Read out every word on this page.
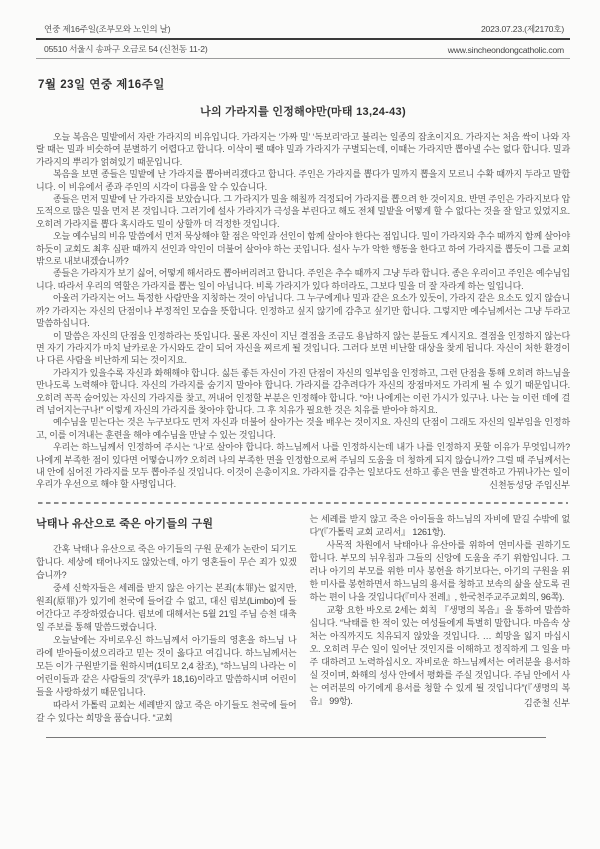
연중 제16주일(조부모와 노인의 날)	2023.07.23.(제2170호)
05510 서울시 송파구 오금로 54 (신천동 11-2)	www.sincheondongcatholic.com
7월 23일 연중 제16주일
나의 가라지를 인정해야만(마태 13,24-43)

오늘 복음은 밀밭에서 자란 가라지의 비유입니다. 가라지는 ‘가짜 밀’ ‘독보리’라고 불리는 일종의 잡초이지요. 가라지는 처음 싹이 나와 자랄 때는 밀과 비슷하여 분별하기 어렵다고 합니다. 이삭이 팰 때야 밀과 가라지가 구별되는데, 이때는 가라지만 뽑아낼 수는 없다 합니다. 밀과 가라지의 뿌리가 얽혀있기 때문입니다.

복음을 보면 종들은 밀밭에 난 가라지를 뽑아버리겠다고 합니다. 주인은 가라지를 뽑다가 밀까지 뽑을지 모르니 수확 때까지 두라고 말합니다. 이 비유에서 종과 주인의 시각이 다름을 알 수 있습니다.

종들은 먼저 밀밭에 난 가라지를 보았습니다. 그 가라지가 밀을 해칠까 걱정되어 가라지를 뽑으려 한 것이지요. 반면 주인은 가라지보다 압도적으로 많은 밀을 먼저 본 것입니다. 그러기에 설사 가라지가 극성을 부린다고 해도 전체 밀밭을 어떻게 할 수 없다는 것을 잘 알고 있었지요. 오히려 가라지를 뽑다 혹시라도 밀이 상할까 더 걱정한 것입니다.

오늘 예수님의 비유 말씀에서 먼저 묵상해야 할 점은 악인과 선인이 함께 살아야 한다는 점입니다. 밀이 가라지와 추수 때까지 함께 살아야 하듯이 교회도 최후 심판 때까지 선인과 악인이 더불어 살아야 하는 곳입니다. 설사 누가 악한 행동을 한다고 하여 가라지를 뽑듯이 그를 교회 밖으로 내보내겠습니까?

종들은 가라지가 보기 싫어, 어떻게 해서라도 뽑아버리려고 합니다. 주인은 추수 때까지 그냥 두라 합니다. 종은 우리이고 주인은 예수님입니다. 따라서 우리의 역할은 가라지를 뽑는 일이 아닙니다. 비록 가라지가 있다 하더라도, 그보다 밀을 더 잘 자라게 하는 일입니다.

아울러 가라지는 어느 특정한 사람만을 지칭하는 것이 아닙니다. 그 누구에게나 밀과 같은 요소가 있듯이, 가라지 같은 요소도 있지 않습니까? 가라지는 자신의 단점이나 부정적인 모습을 뜻합니다. 인정하고 싶지 않기에 감추고 싶기만 합니다. 그렇지만 예수님께서는 그냥 두라고 말씀하십니다.

이 말씀은 자신의 단점을 인정하라는 뜻입니다. 물론 자신이 지닌 결점을 조금도 용납하지 않는 분들도 계시지요. 결점을 인정하지 않는다면 자기 가라지가 마치 날카로운 가시와도 같이 되어 자신을 찌르게 될 것입니다. 그러다 보면 비난할 대상을 찾게 됩니다. 자신이 처한 환경이나 다른 사람을 비난하게 되는 것이지요.

가라지가 있을수록 자신과 화해해야 합니다. 싫든 좋든 자신이 가진 단점이 자신의 일부임을 인정하고, 그런 단점을 통해 오히려 하느님을 만나도록 노력해야 합니다. 자신의 가라지를 숨기지 말아야 합니다. 가라지를 감추려다가 자신의 장점마저도 가리게 될 수 있기 때문입니다. 오히려 꼭꼭 숨어있는 자신의 가라지를 찾고, 꺼내어 인정할 부분은 인정해야 합니다. “아! 나에게는 이런 가시가 있구나. 나는 늘 이런 데에 걸려 넘어지는구나!” 이렇게 자신의 가라지를 찾아야 합니다. 그 후 치유가 필요한 것은 치유를 받아야 하지요.

예수님을 믿는다는 것은 누구보다도 먼저 자신과 더불어 살아가는 것을 배우는 것이지요. 자신의 단점이 그래도 자신의 일부임을 인정하고, 이를 이겨내는 훈련을 해야 예수님을 만날 수 있는 것입니다.

우리는 하느님께서 인정하여 주시는 ‘나’로 살아야 합니다. 하느님께서 나를 인정하시는데 내가 나를 인정하지 못할 이유가 무엇입니까? 나에게 부족한 점이 있다면 어떻습니까? 오히려 나의 부족한 면을 인정함으로써 주님의 도움을 더 청하게 되지 않습니까? 그럴 때 주님께서는 내 안에 심어진 가라지를 모두 뽑아주실 것입니다. 이것이 은총이지요. 가라지를 감추는 일보다도 선하고 좋은 면을 발견하고 가꿔나가는 일이 우리가 우선으로 해야 할 사명입니다.	신천동성당 주임신부
낙태나 유산으로 죽은 아기들의 구원

간혹 낙태나 유산으로 죽은 아기들의 구원 문제가 논란이 되기도 합니다. 세상에 태어나지도 않았는데, 아기 영혼들이 무슨 죄가 있겠습니까?

중세 신학자들은 세례를 받지 않은 아기는 본죄(本罪)는 없지만, 원죄(原罪)가 있기에 천국에 들어갈 수 없고, 대신 림보(Limbo)에 들어간다고 주장하였습니다. 림보에 대해서는 5월 21일 주님 승천 대축일 주보를 통해 말씀드렸습니다.

오늘날에는 자비로우신 하느님께서 아기들의 영혼을 하느님 나라에 받아들이셨으리라고 믿는 것이 옳다고 여깁니다. 하느님께서는 모든 이가 구원받기를 원하시며(1티모 2,4 참조), “하느님의 나라는 이 어린이들과 같은 사람들의 것”(루카 18,16)이라고 말씀하시며 어린이들을 사랑하셨기 때문입니다.

따라서 가톨릭 교회는 세례받지 않고 죽은 아기들도 천국에 들어갈 수 있다는 희망을 품습니다. “교회

는 세례를 받지 않고 죽은 아이들을 하느님의 자비에 맡길 수밖에 없다”(『가톨릭 교회 교리서』 1261항).

사목적 차원에서 낙태아나 유산아를 위하여 연미사를 권하기도 합니다. 부모의 뉘우침과 그들의 신앙에 도움을 주기 위함입니다. 그러나 아기의 부모를 위한 미사 봉헌을 하기보다는, 아기의 구원을 위한 미사를 봉헌하면서 하느님의 용서를 청하고 보속의 삶을 살도록 권하는 편이 나을 것입니다(『미사 전례』, 한국천주교주교회의, 96쪽).

교황 요한 바오로 2세는 회칙 『생명의 복음』을 통하여 말씀하십니다. “낙태를 한 적이 있는 여성들에게 특별히 말합니다. 마음속 상처는 아직까지도 치유되지 않았을 것입니다. … 희망을 잃지 마십시오. 오히려 무슨 일이 일어난 것인지를 이해하고 정직하게 그 일을 마주 대하려고 노력하십시오. 자비로운 하느님께서는 여러분을 용서하실 것이며, 화해의 성사 안에서 평화를 주실 것입니다. 주님 안에서 사는 여러분의 아기에게 용서를 청할 수 있게 될 것입니다”(『생명의 복음』 99항).	김준철 신부
